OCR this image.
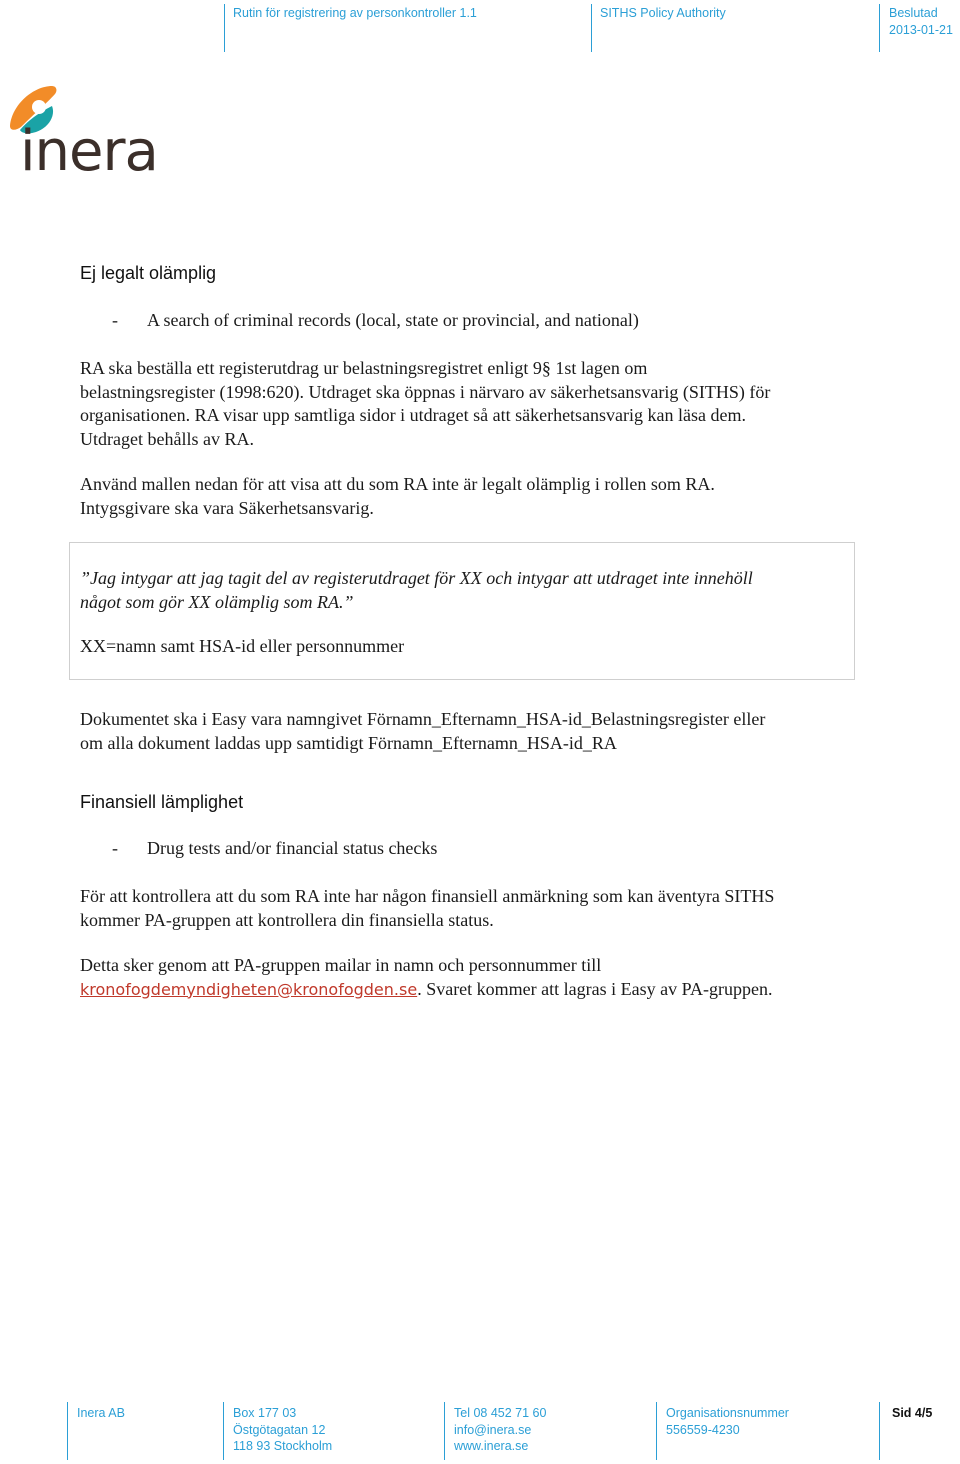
Rutin för registrering av personkontroller 1.1	SITHS Policy Authority	Beslutad
2013-01-21
inera
Ej legalt olämplig
- A search of criminal records (local, state or provincial, and national)
RA ska beställa ett registerutdrag ur belastningsregistret enligt 9§ 1st lagen om
belastningsregister (1998:620). Utdraget ska öppnas i närvaro av säkerhetsansvarig (SITHS) för
organisationen. RA visar upp samtliga sidor i utdraget så att säkerhetsansvarig kan läsa dem.
Utdraget behålls av RA.
Använd mallen nedan för att visa att du som RA inte är legalt olämplig i rollen som RA.
Intygsgivare ska vara Säkerhetsansvarig.
”Jag intygar att jag tagit del av registerutdraget för XX och intygar att utdraget inte innehöll
något som gör XX olämplig som RA.”
XX=namn samt HSA-id eller personnummer
Dokumentet ska i Easy vara namngivet Förnamn_Efternamn_HSA-id_Belastningsregister eller
om alla dokument laddas upp samtidigt Förnamn_Efternamn_HSA-id_RA
Finansiell lämplighet
- Drug tests and/or financial status checks
För att kontrollera att du som RA inte har någon finansiell anmärkning som kan äventyra SITHS
kommer PA-gruppen att kontrollera din finansiella status.
Detta sker genom att PA-gruppen mailar in namn och personnummer till
kronofogdemyndigheten@kronofogden.se. Svaret kommer att lagras i Easy av PA-gruppen.
Inera AB	Box 177 03
Östgötagatan 12
118 93 Stockholm
Tel 08 452 71 60
info@inera.se
www.inera.se
Organisationsnummer
556559-4230
Sid 4/5
